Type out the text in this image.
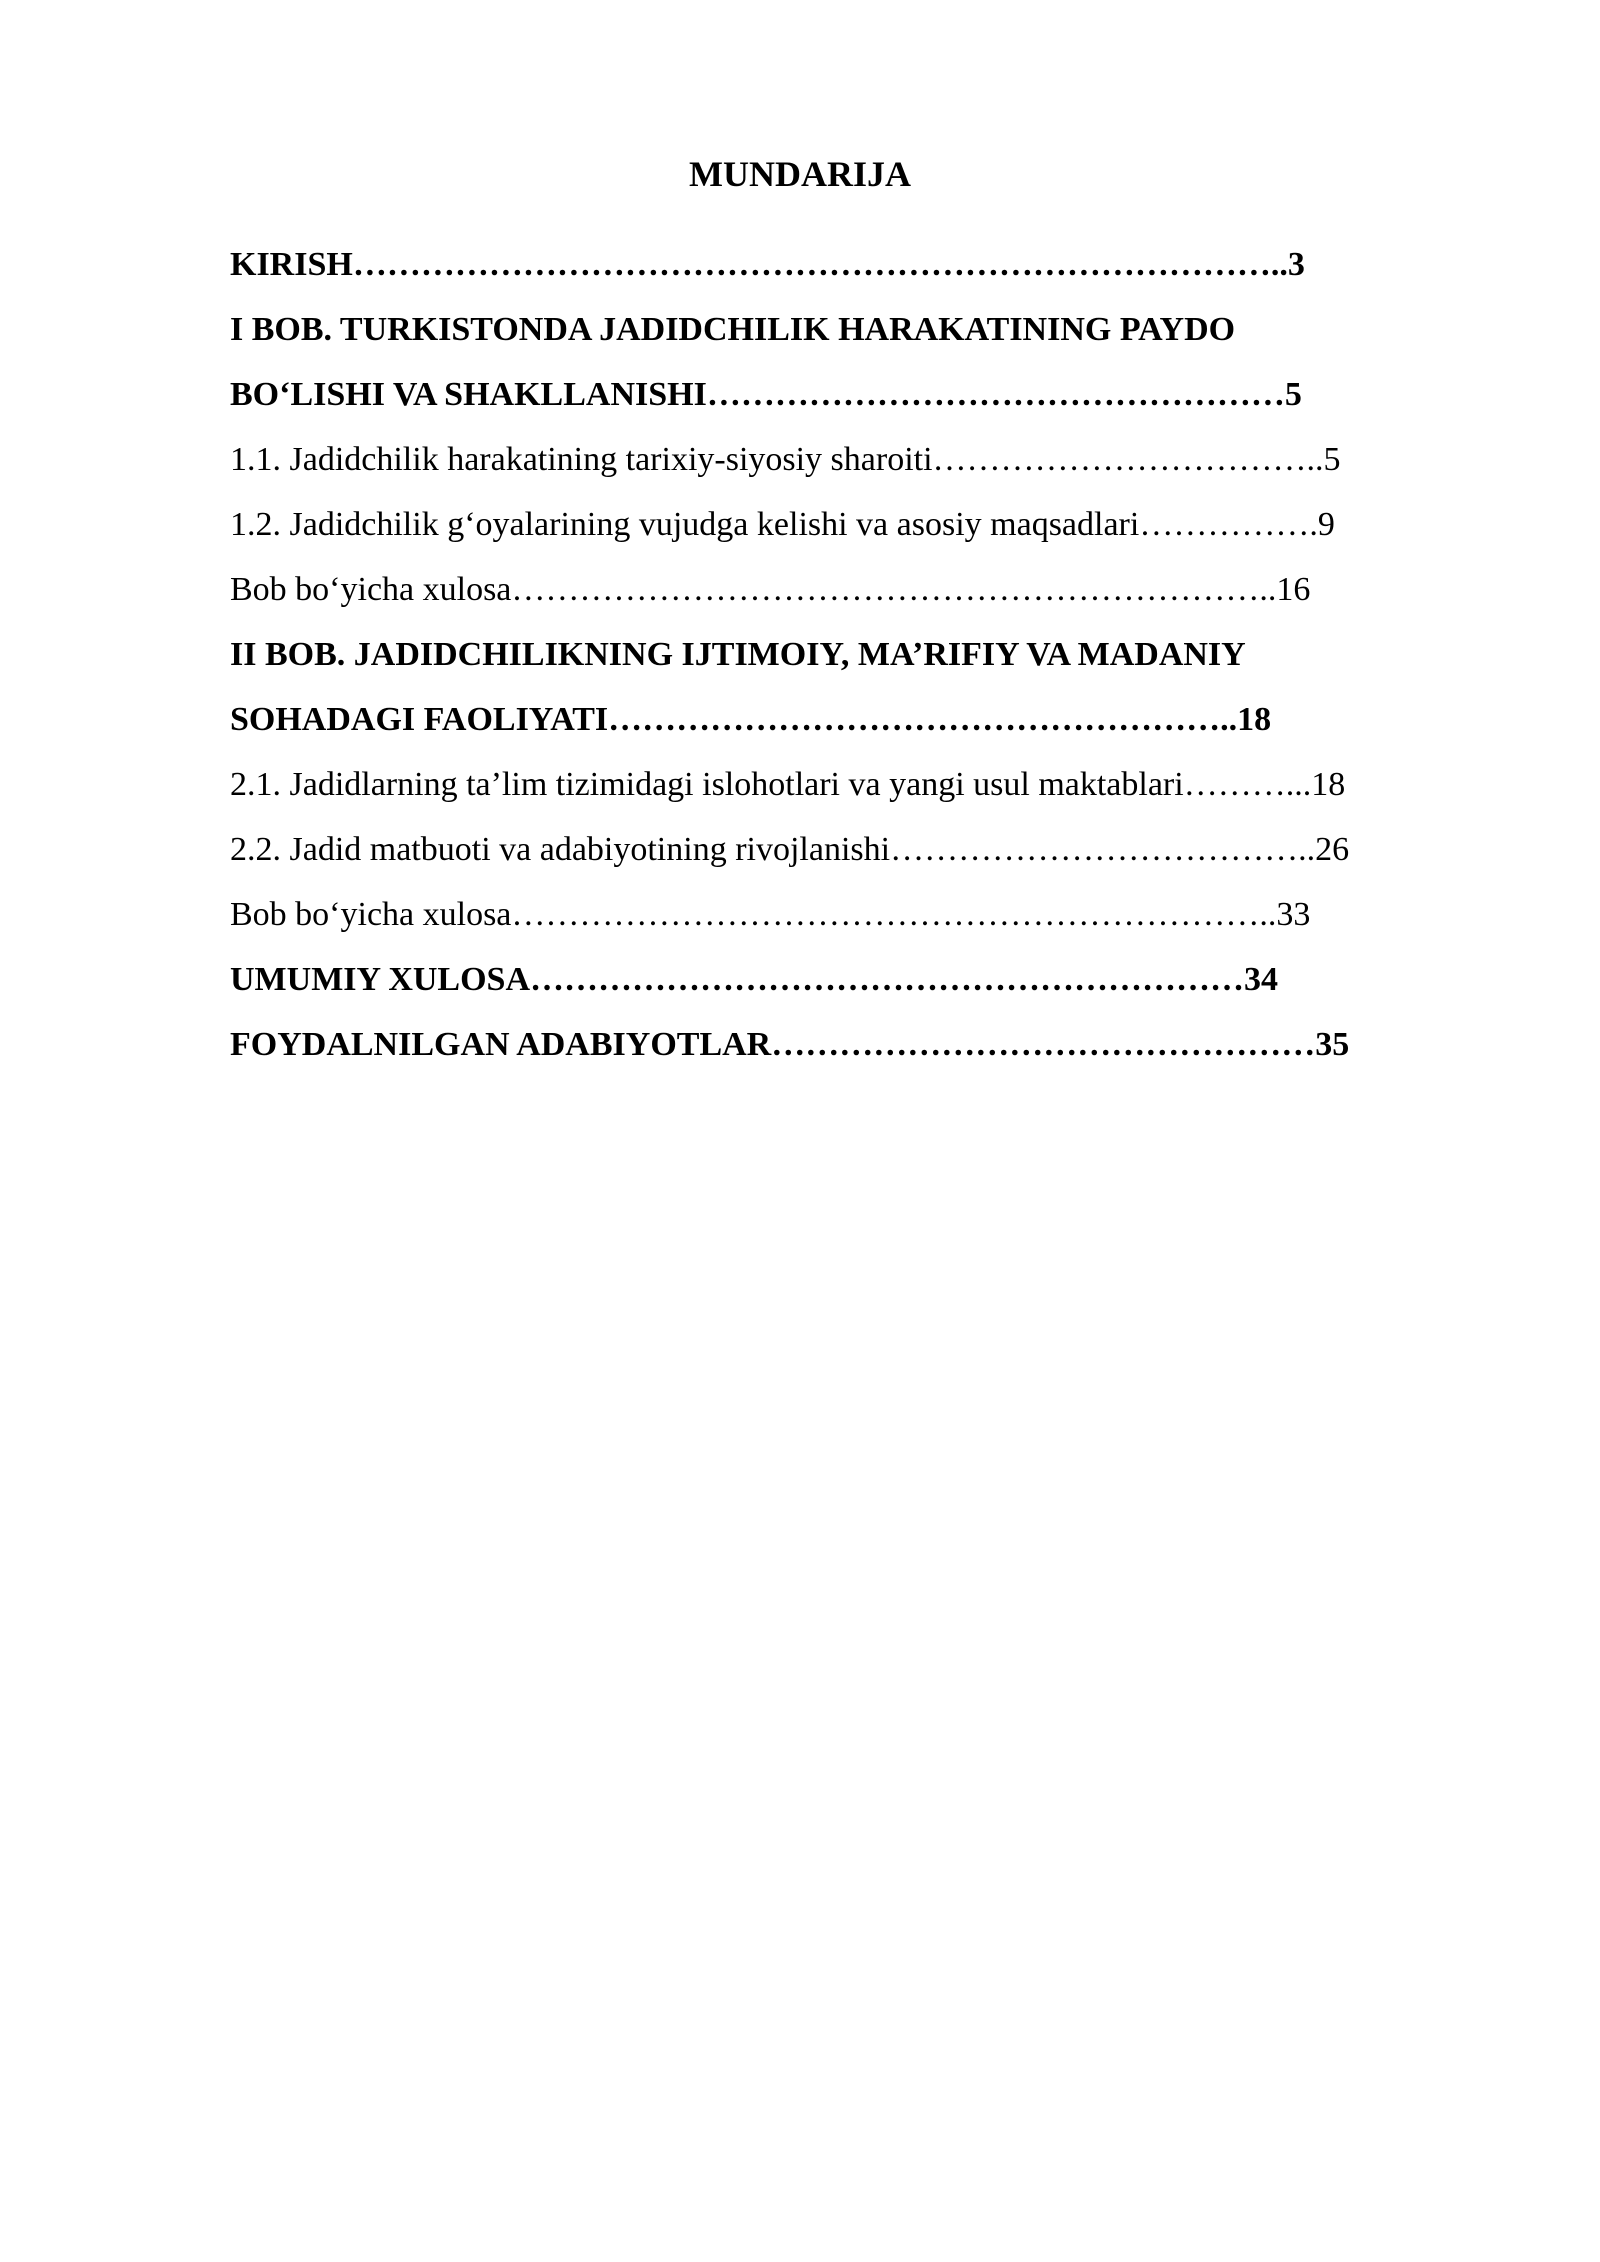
MUNDARIJA
KIRISH………………………………………………………………………..3
I BOB. TURKISTONDA JADIDCHILIK HARAKATINING PAYDO
BO‘LISHI VA SHAKLLANISHI……………………………………………5
1.1. Jadidchilik harakatining tarixiy-siyosiy sharoiti……………………………..5
1.2. Jadidchilik g‘oyalarining vujudga kelishi va asosiy maqsadlari…………….9
Bob bo‘yicha xulosa…………………………………………………………..16
II BOB. JADIDCHILIKNING IJTIMOIY, MA’RIFIY VA MADANIY
SOHADAGI FAOLIYATI………………………………………………..18
2.1. Jadidlarning ta’lim tizimidagi islohotlari va yangi usul maktablari………...18
2.2. Jadid matbuoti va adabiyotining rivojlanishi………………………………..26
Bob bo‘yicha xulosa…………………………………………………………..33
UMUMIY XULOSA………………………………………………………34
FOYDALNILGAN ADABIYOTLAR…………………………………………35
